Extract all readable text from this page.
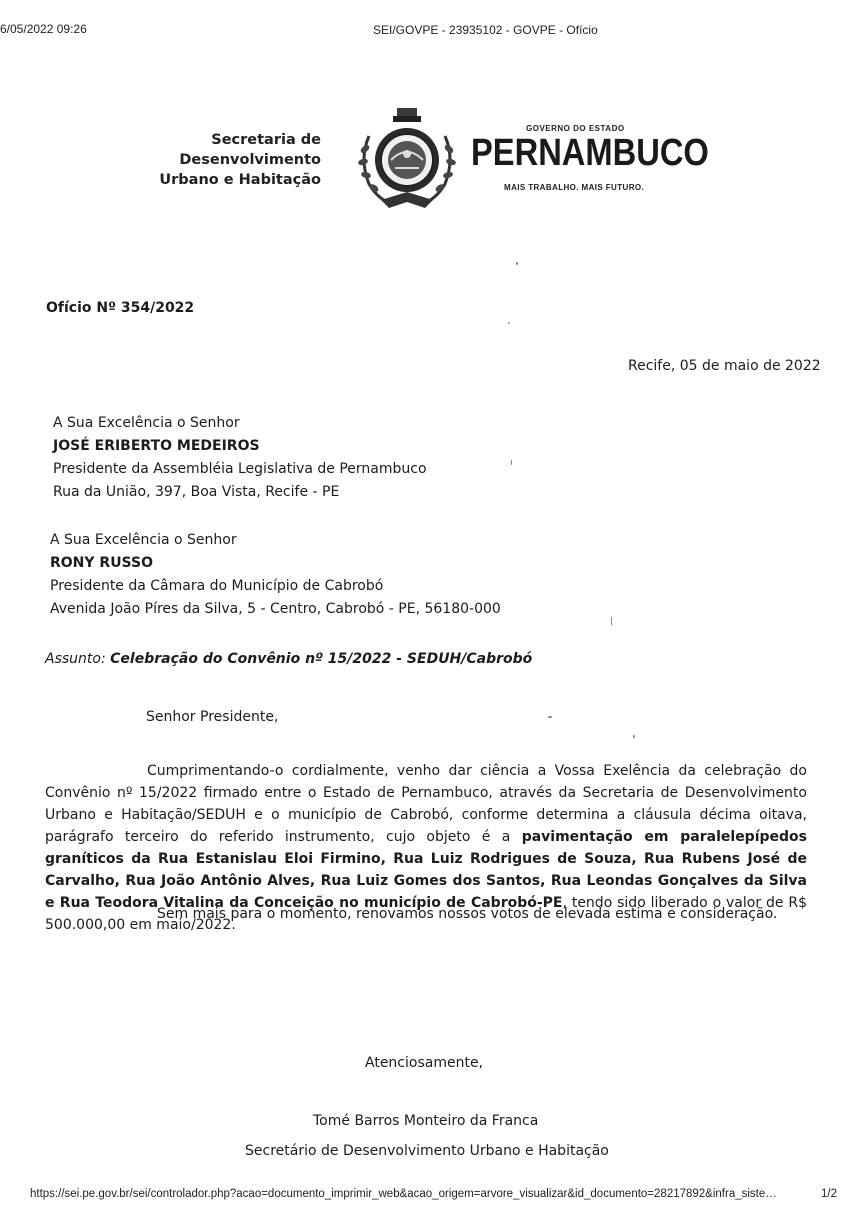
6/05/2022 09:26	SEI/GOVPE - 23935102 - GOVPE - Ofício
Secretaria de
Desenvolvimento
Urbano e Habitação
GOVERNO DO ESTADO
PERNAMBUCO
MAIS TRABALHO. MAIS FUTURO.
Ofício Nº 354/2022
Recife, 05 de maio de 2022
A Sua Excelência o Senhor
JOSÉ ERIBERTO MEDEIROS
Presidente da Assembléia Legislativa de Pernambuco
Rua da União, 397, Boa Vista, Recife - PE
A Sua Excelência o Senhor
RONY RUSSO
Presidente da Câmara do Município de Cabrobó
Avenida João Píres da Silva, 5 - Centro, Cabrobó - PE, 56180-000
Assunto: Celebração do Convênio nº 15/2022 - SEDUH/Cabrobó
Senhor Presidente,
Cumprimentando-o cordialmente, venho dar ciência a Vossa Exelência da celebração do Convênio nº 15/2022 firmado entre o Estado de Pernambuco, através da Secretaria de Desenvolvimento Urbano e Habitação/SEDUH e o município de Cabrobó, conforme determina a cláusula décima oitava, parágrafo terceiro do referido instrumento, cujo objeto é a pavimentação em paralelepípedos graníticos da Rua Estanislau Eloi Firmino, Rua Luiz Rodrigues de Souza, Rua Rubens José de Carvalho, Rua João Antônio Alves, Rua Luiz Gomes dos Santos, Rua Leondas Gonçalves da Silva e Rua Teodora Vitalina da Conceição no município de Cabrobó-PE, tendo sido liberado o valor de R$ 500.000,00 em maio/2022.
Sem mais para o momento, renovamos nossos votos de elevada estima e consideração.
Atenciosamente,
Tomé Barros Monteiro da Franca
Secretário de Desenvolvimento Urbano e Habitação
https://sei.pe.gov.br/sei/controlador.php?acao=documento_imprimir_web&acao_origem=arvore_visualizar&id_documento=28217892&infra_siste…	1/2
